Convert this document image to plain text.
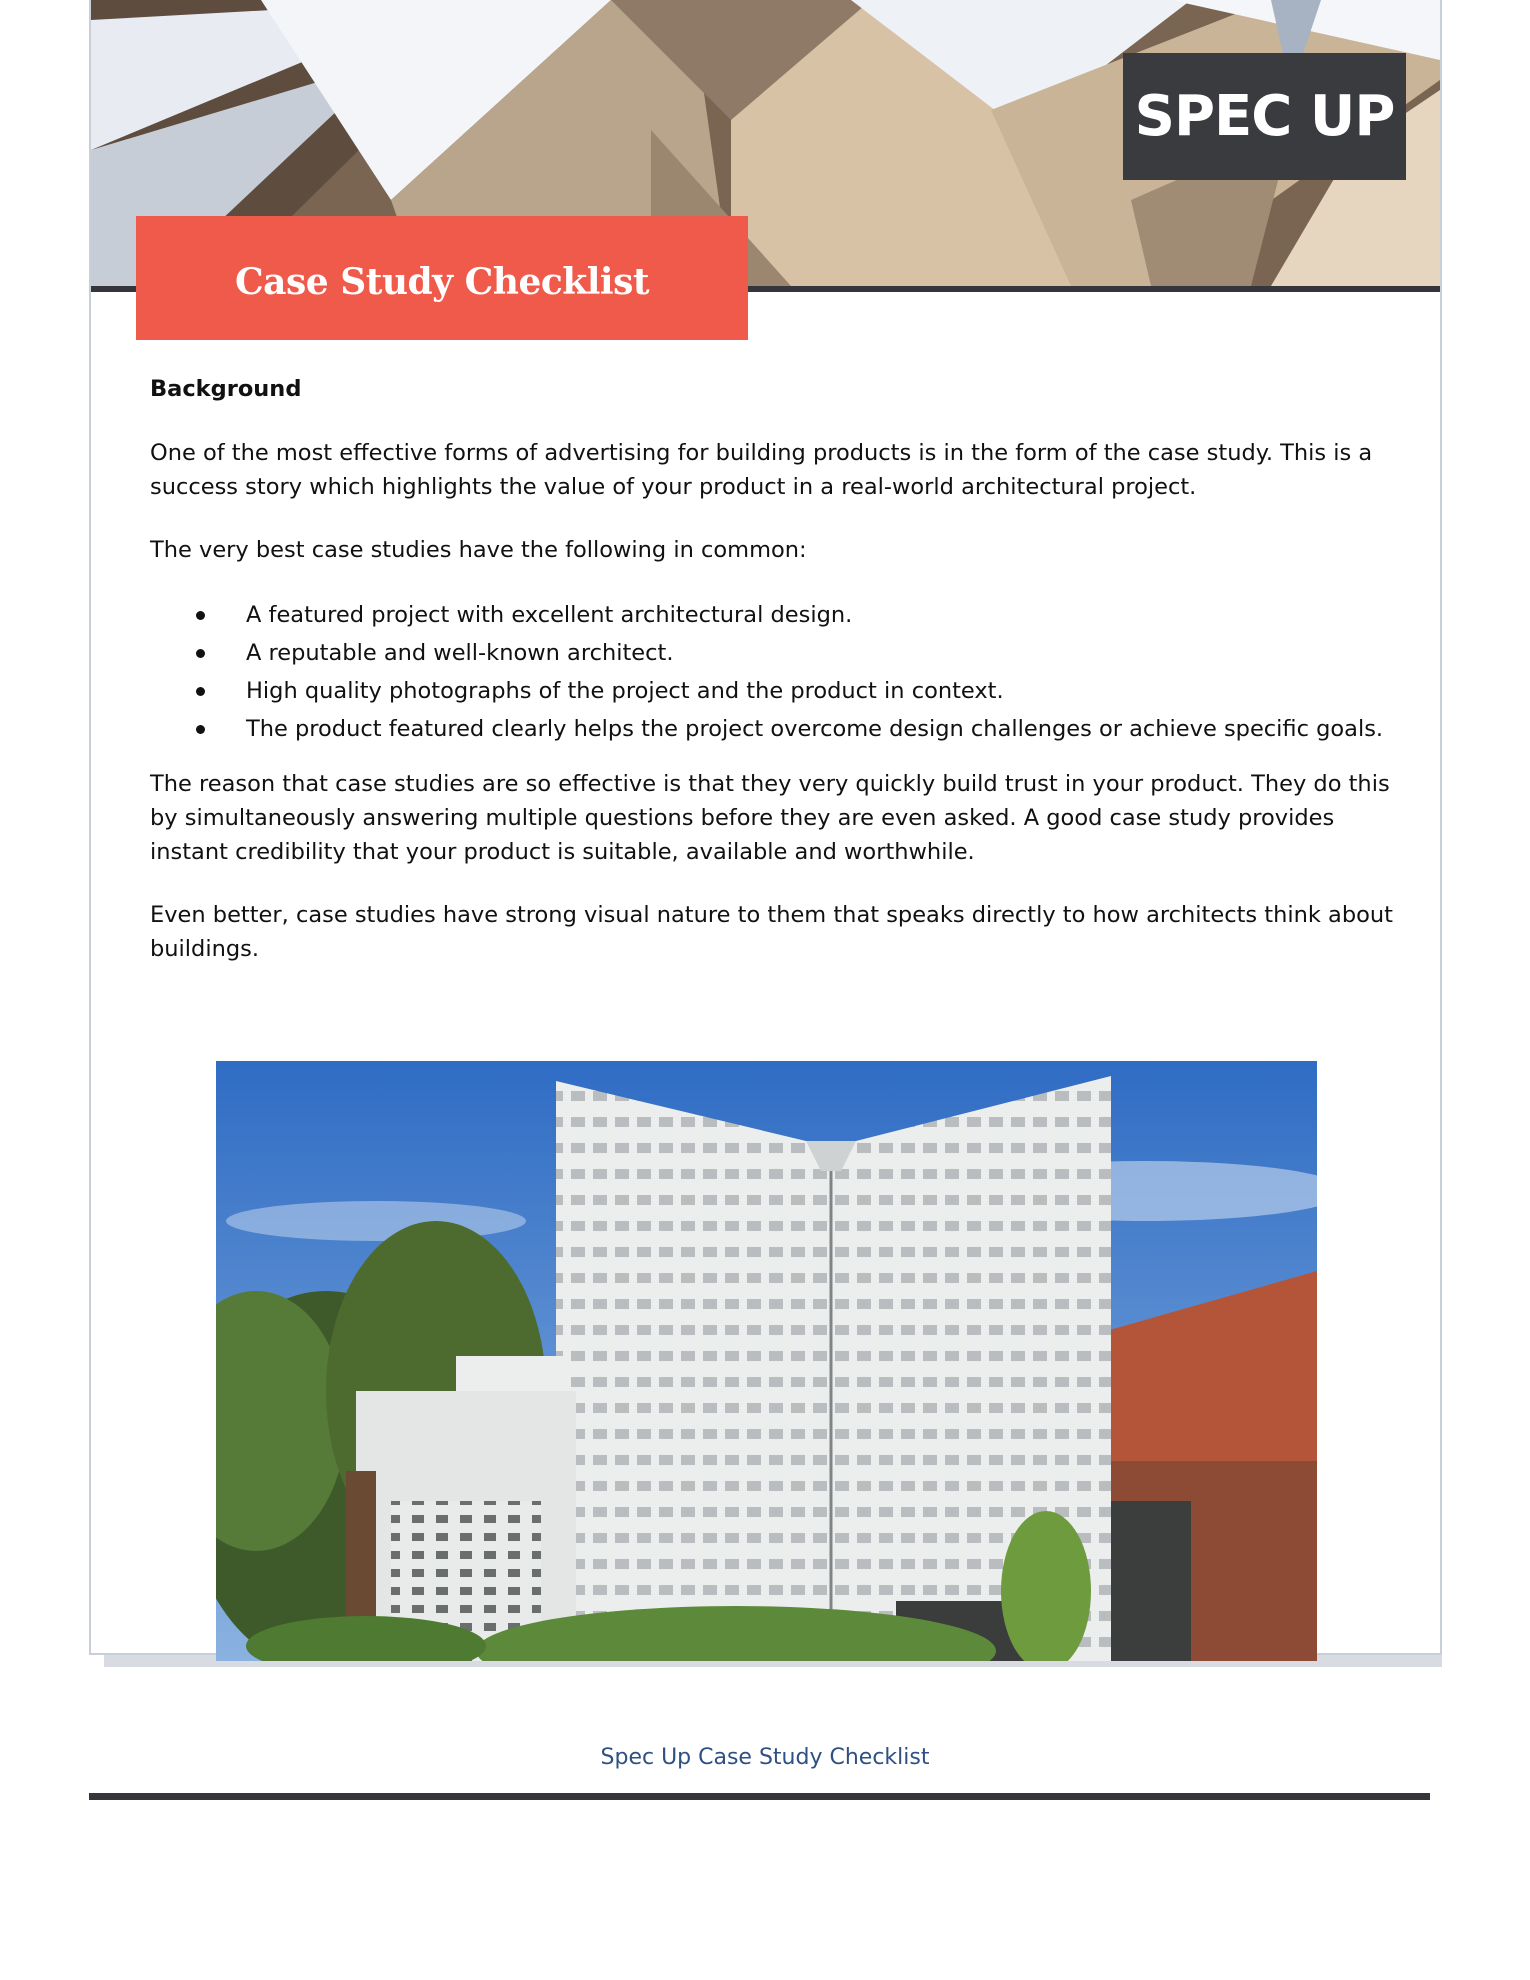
SPEC UP
Case Study Checklist
Background

One of the most effective forms of advertising for building products is in the form of the case study. This is a success story which highlights the value of your product in a real-world architectural project.

The very best case studies have the following in common:

A featured project with excellent architectural design.
A reputable and well-known architect.
High quality photographs of the project and the product in context.
The product featured clearly helps the project overcome design challenges or achieve specific goals.

The reason that case studies are so effective is that they very quickly build trust in your product. They do this by simultaneously answering multiple questions before they are even asked. A good case study provides instant credibility that your product is suitable, available and worthwhile.

Even better, case studies have strong visual nature to them that speaks directly to how architects think about buildings.

Spec Up Case Study Checklist
